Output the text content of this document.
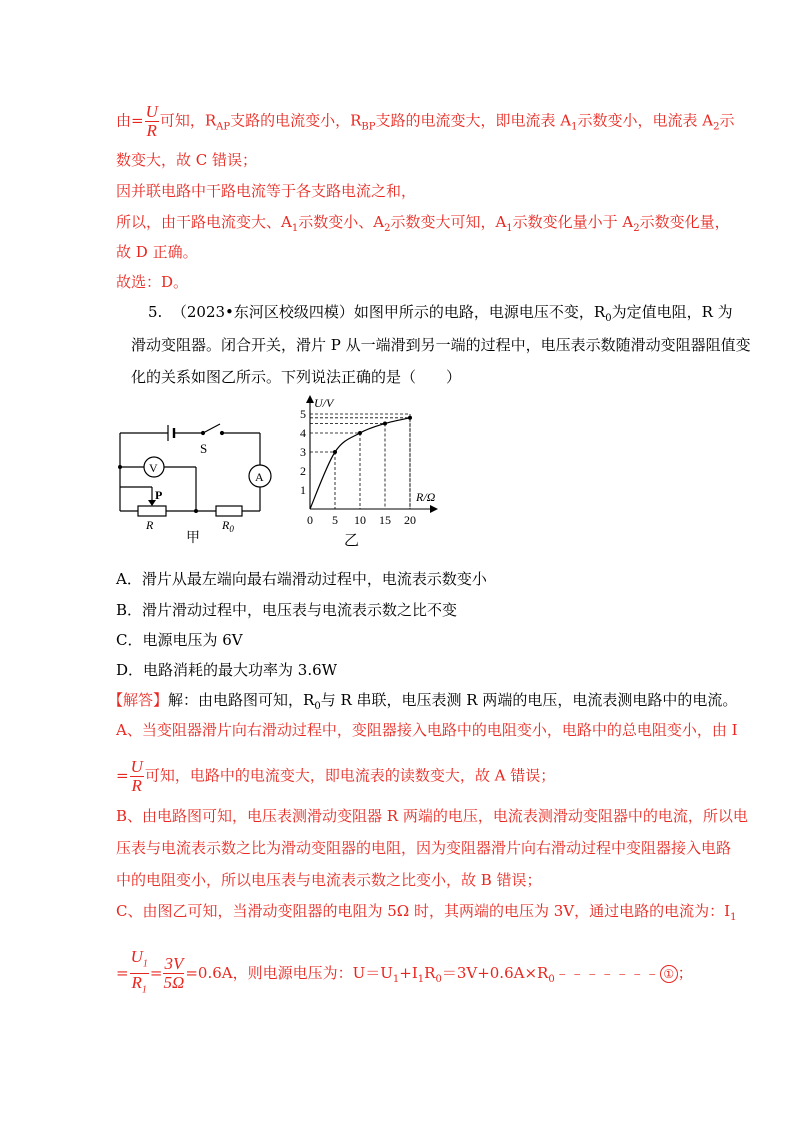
由= $\frac{U}{R}$ 可知，$R_{AP}$支路的电流变小，$R_{BP}$支路的电流变大，即电流表 $A_1$示数变小，电流表 $A_2$示
数变大，故 C 错误；
因并联电路中干路电流等于各支路电流之和，
所以，由干路电流变大、$A_1$示数变小、$A_2$示数变大可知，$A_1$示数变化量小于 $A_2$示数变化量，
故 D 正确。
故选：D。
5. （2023•东河区校级四模）如图甲所示的电路，电源电压不变，$R_0$为定值电阻，R 为
滑动变阻器。闭合开关，滑片 P 从一端滑到另一端的过程中，电压表示数随滑动变阻器阻值变
化的关系如图乙所示。下列说法正确的是（　　）
S
V
A
P
R	$R_0$
甲
1
2
3
4
5
0 5 10 15 20
U/V
R/Ω
乙
A．滑片从最左端向最右端滑动过程中，电流表示数变小
B．滑片滑动过程中，电压表与电流表示数之比不变
C．电源电压为 6V
D．电路消耗的最大功率为 3.6W
【解答】解：由电路图可知，$R_0$与 R 串联，电压表测 R 两端的电压，电流表测电路中的电流。
A、当变阻器滑片向右滑动过程中，变阻器接入电路中的电阻变小，电路中的总电阻变小，由 I
= $\frac{U}{R}$ 可知，电路中的电流变大，即电流表的读数变大，故 A 错误；
B、由电路图可知，电压表测滑动变阻器 R 两端的电压，电流表测滑动变阻器中的电流，所以电
压表与电流表示数之比为滑动变阻器的电阻，因为变阻器滑片向右滑动过程中变阻器接入电路
中的电阻变小，所以电压表与电流表示数之比变小，故 B 错误；
C、由图乙可知，当滑动变阻器的电阻为 5Ω 时，其两端的电压为 3V，通过电路的电流为：$I_1$
= $\frac{U_1}{R_1} = \frac{3V}{5\Omega} =0.6A$，则电源电压为：$U=U_1+I_1R_0=3V+0.6A\times R_0﹣﹣﹣﹣﹣﹣﹣$ ① ；
